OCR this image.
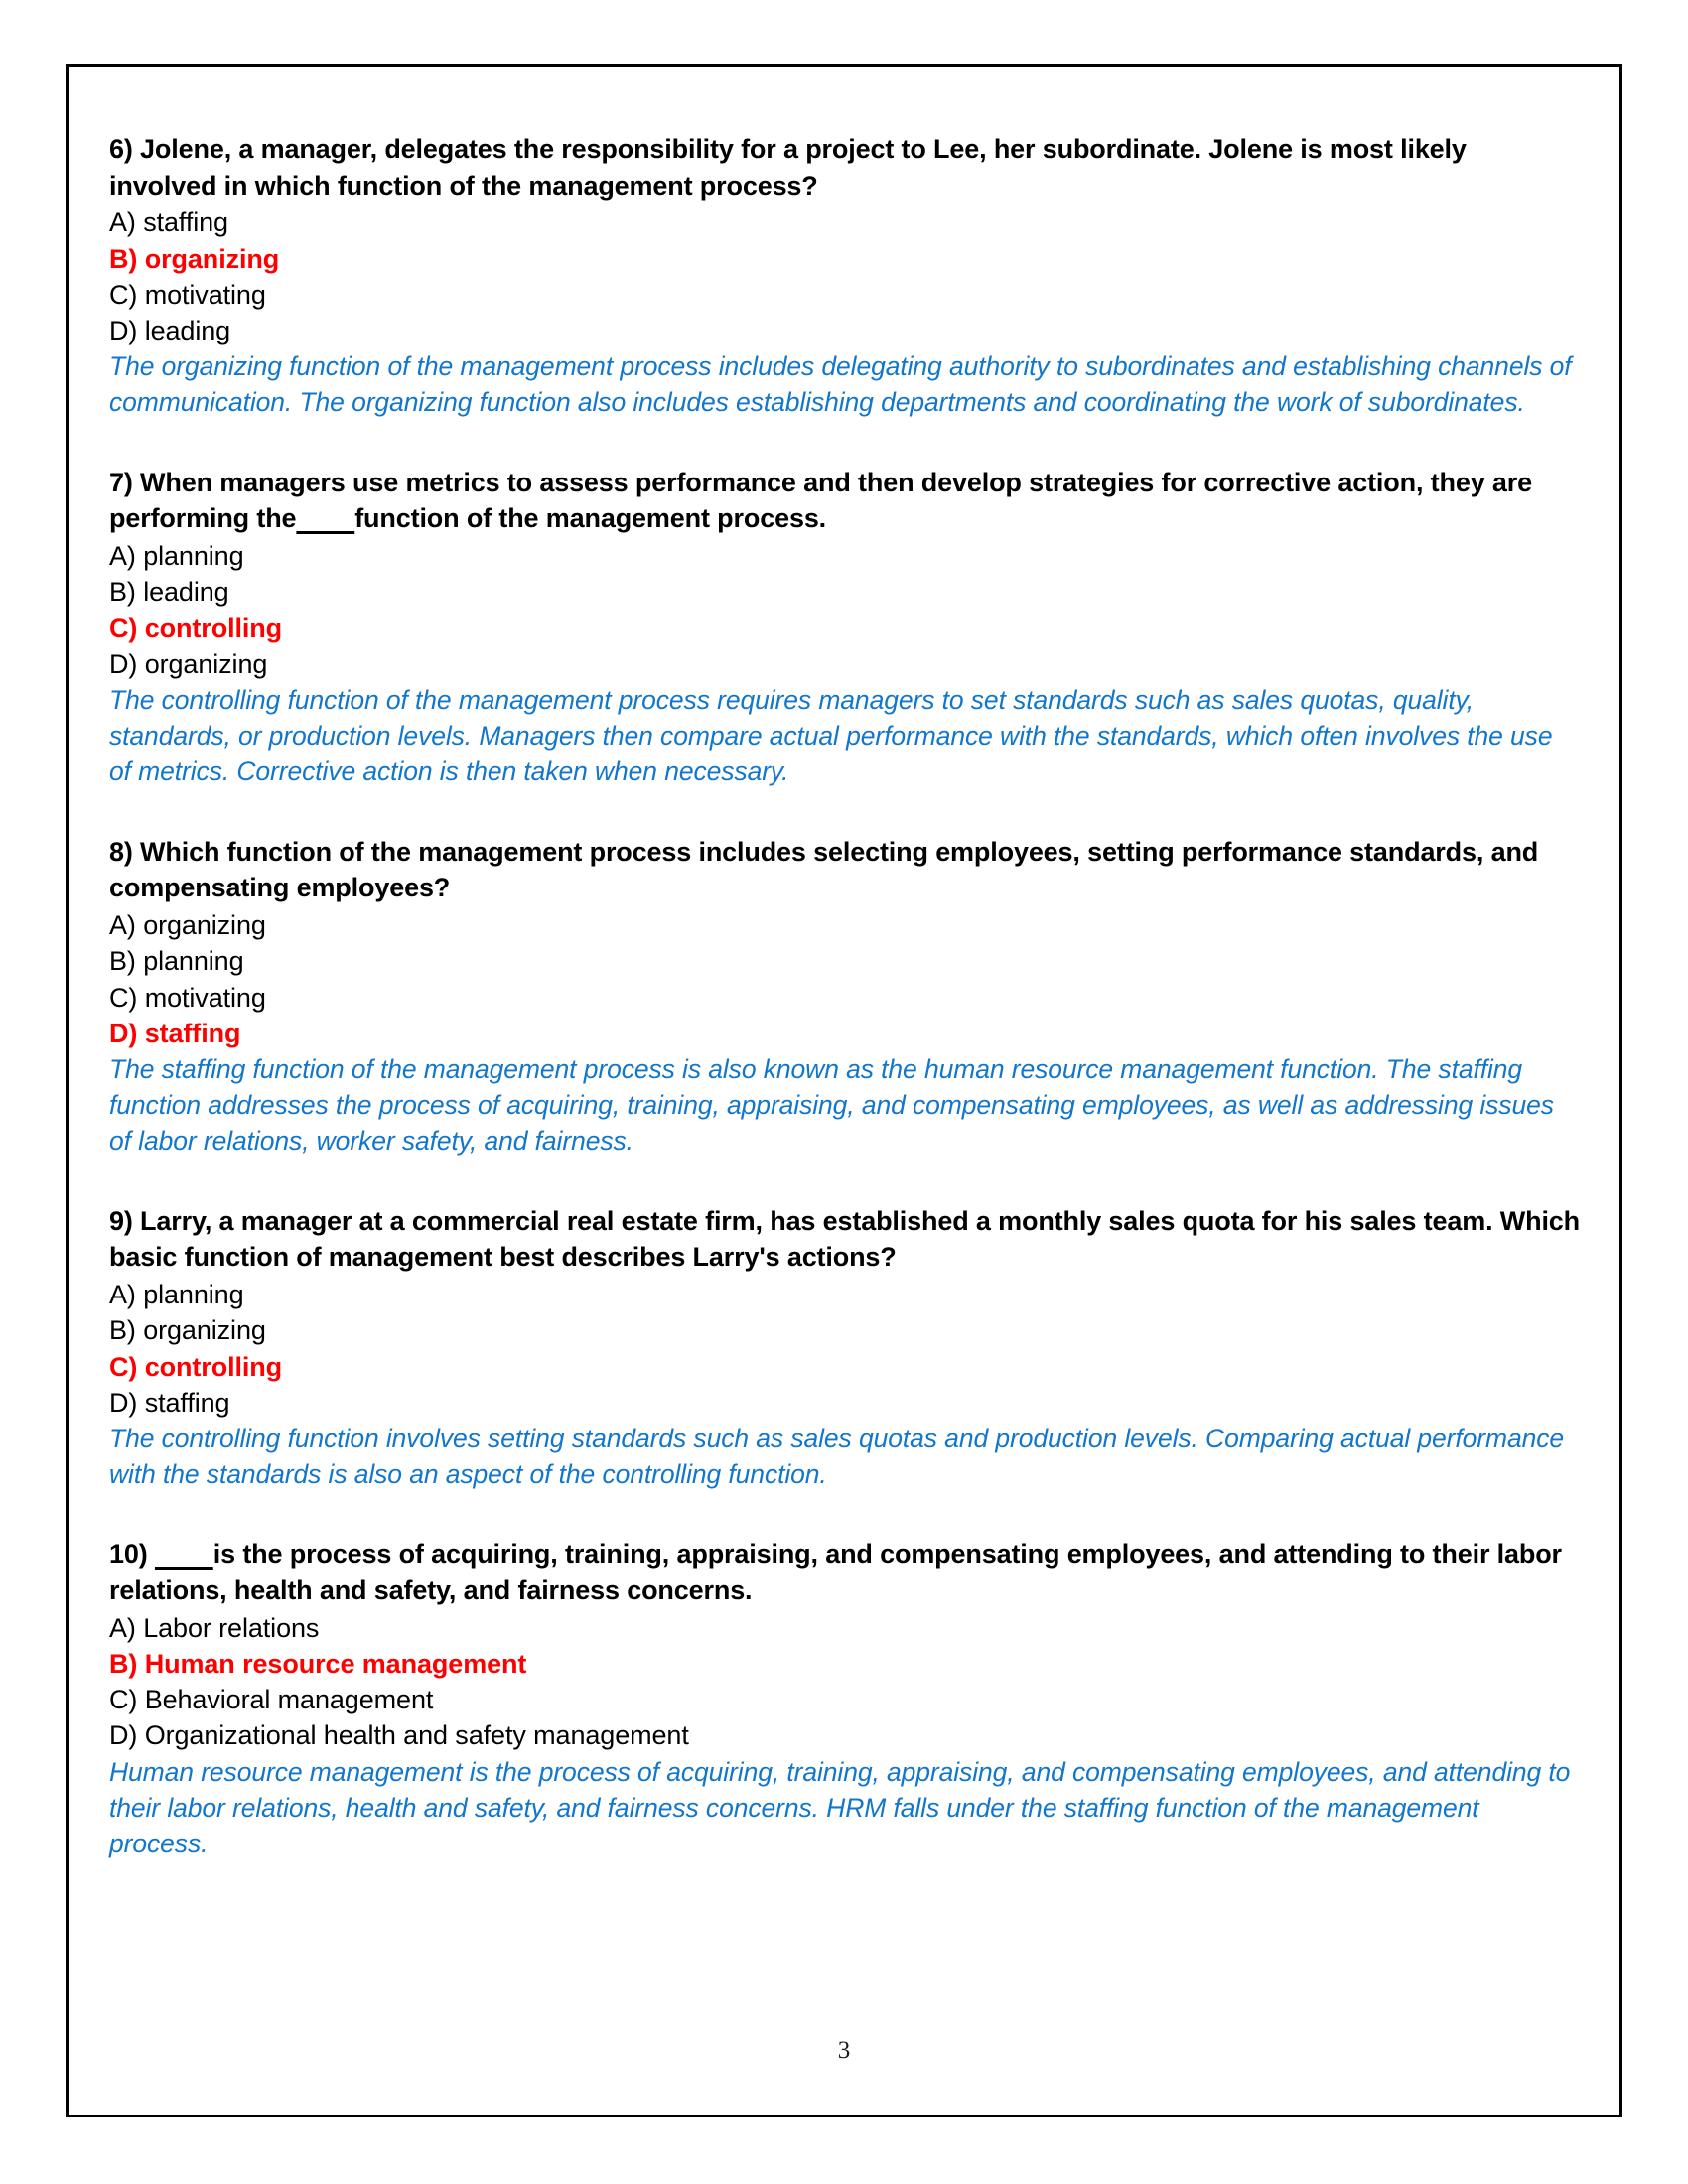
6) Jolene, a manager, delegates the responsibility for a project to Lee, her subordinate. Jolene is most likely involved in which function of the management process?

A) staffing

B) organizing

C) motivating

D) leading

The organizing function of the management process includes delegating authority to subordinates and establishing channels of communication. The organizing function also includes establishing departments and coordinating the work of subordinates.

7) When managers use metrics to assess performance and then develop strategies for corrective action, they are performing the function of the management process.

A) planning

B) leading

C) controlling

D) organizing

The controlling function of the management process requires managers to set standards such as sales quotas, quality, standards, or production levels. Managers then compare actual performance with the standards, which often involves the use of metrics. Corrective action is then taken when necessary.

8) Which function of the management process includes selecting employees, setting performance standards, and compensating employees?

A) organizing

B) planning

C) motivating

D) staffing

The staffing function of the management process is also known as the human resource management function. The staffing function addresses the process of acquiring, training, appraising, and compensating employees, as well as addressing issues of labor relations, worker safety, and fairness.

9) Larry, a manager at a commercial real estate firm, has established a monthly sales quota for his sales team. Which basic function of management best describes Larry's actions?

A) planning

B) organizing

C) controlling

D) staffing

The controlling function involves setting standards such as sales quotas and production levels. Comparing actual performance with the standards is also an aspect of the controlling function.

10)         is the process of acquiring, training, appraising, and compensating employees, and attending to their labor relations, health and safety, and fairness concerns.

A) Labor relations

B) Human resource management

C) Behavioral management

D) Organizational health and safety management

Human resource management is the process of acquiring, training, appraising, and compensating employees, and attending to their labor relations, health and safety, and fairness concerns. HRM falls under the staffing function of the management process.

3
